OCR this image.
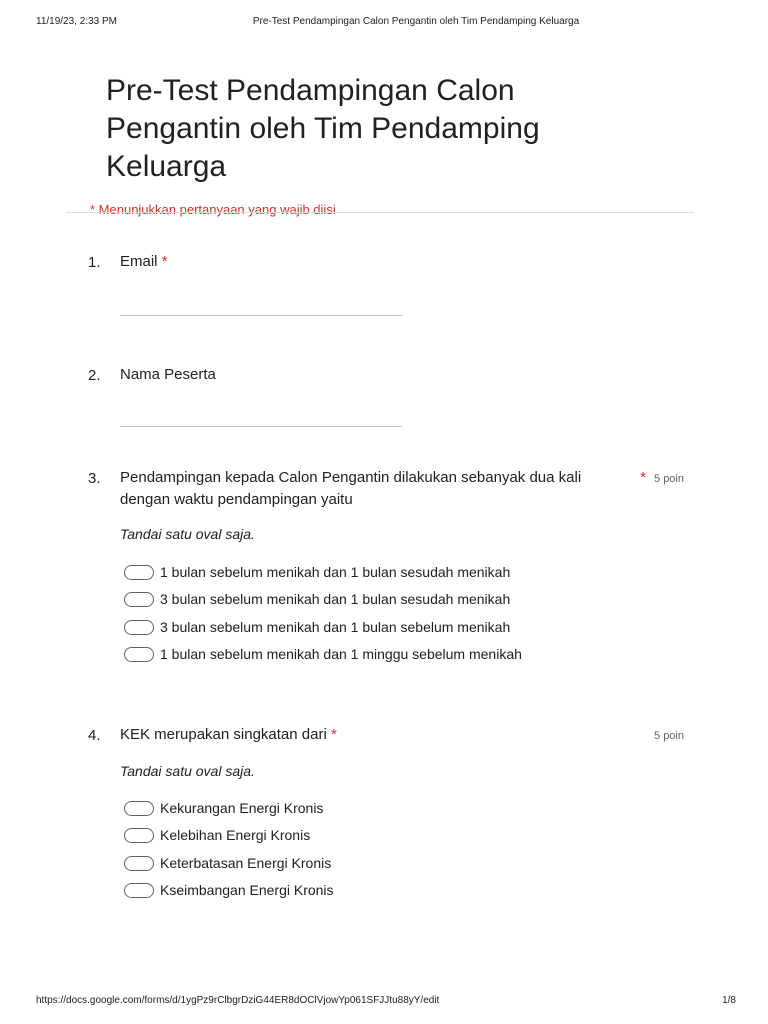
11/19/23, 2:33 PM	Pre-Test Pendampingan Calon Pengantin oleh Tim Pendamping Keluarga
Pre-Test Pendampingan Calon
Pengantin oleh Tim Pendamping
Keluarga
* Menunjukkan pertanyaan yang wajib diisi
1. Email *
2. Nama Peserta
3. Pendampingan kepada Calon Pengantin dilakukan sebanyak dua kali
dengan waktu pendampingan yaitu
* 5 poin
Tandai satu oval saja.
1 bulan sebelum menikah dan 1 bulan sesudah menikah
3 bulan sebelum menikah dan 1 bulan sesudah menikah
3 bulan sebelum menikah dan 1 bulan sebelum menikah
1 bulan sebelum menikah dan 1 minggu sebelum menikah
4. KEK merupakan singkatan dari *	5 poin
Tandai satu oval saja.
Kekurangan Energi Kronis
Kelebihan Energi Kronis
Keterbatasan Energi Kronis
Kseimbangan Energi Kronis
https://docs.google.com/forms/d/1ygPz9rClbgrDziG44ER8dOClVjowYp061SFJJtu88yY/edit	1/8
